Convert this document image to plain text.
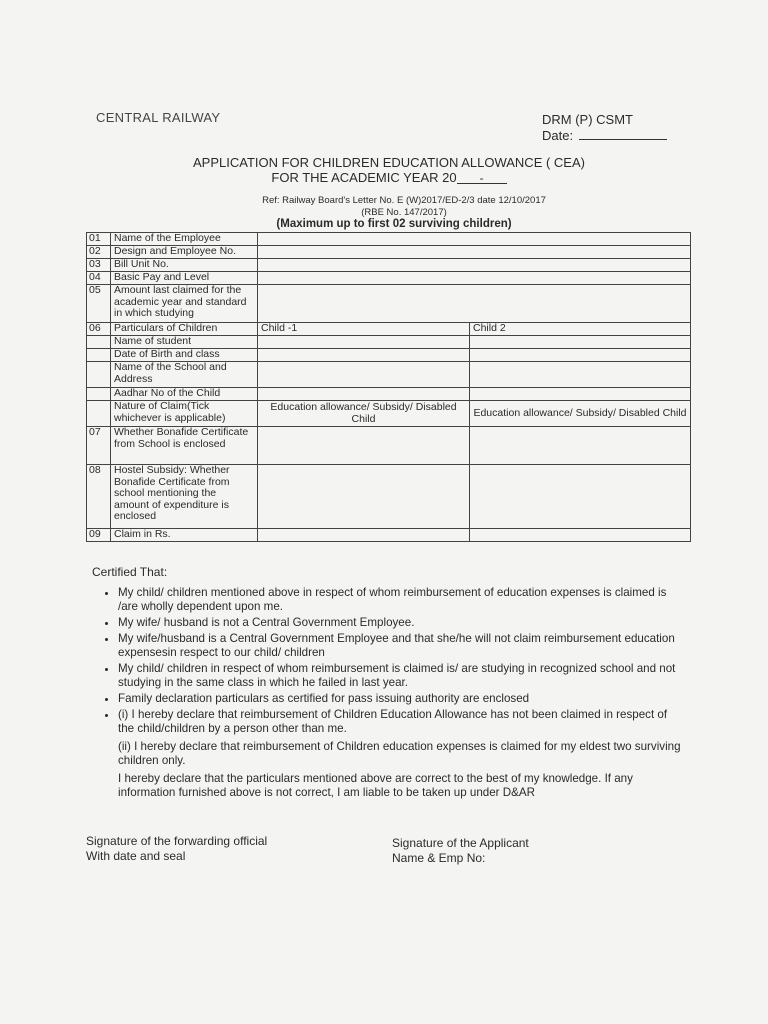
CENTRAL RAILWAY	DRM (P) CSMT
Date:
APPLICATION FOR CHILDREN EDUCATION ALLOWANCE ( CEA)
FOR THE ACADEMIC YEAR 20 -
Ref: Railway Board's Letter No. E (W)2017/ED-2/3 date 12/10/2017
(RBE No. 147/2017)
(Maximum up to first 02 surviving children)
01	Name of the Employee		
02	Design and Employee No.		
03	Bill Unit No.		
04	Basic Pay and Level		
05	Amount last claimed for the academic year and standard in which studying		
06	Particulars of Children	Child -1	Child 2
	Name of student		
	Date of Birth and class		
	Name of the School and Address		
	Aadhar No of the Child		
	Nature of Claim(Tick whichever is applicable)	Education allowance/ Subsidy/ Disabled Child	Education allowance/ Subsidy/ Disabled Child
07	Whether Bonafide Certificate from School is enclosed		
08	Hostel Subsidy: Whether Bonafide Certificate from school mentioning the amount of expenditure is enclosed		
09	Claim in Rs.		
Certified That:
• My child/ children mentioned above in respect of whom reimbursement of education expenses is claimed is /are wholly dependent upon me.
• My wife/ husband is not a Central Government Employee.
• My wife/husband is a Central Government Employee and that she/he will not claim reimbursement education expensesin respect to our child/ children
• My child/ children in respect of whom reimbursement is claimed is/ are studying in recognized school and not studying in the same class in which he failed in last year.
• Family declaration particulars as certified for pass issuing authority are enclosed
• (i) I hereby declare that reimbursement of Children Education Allowance has not been claimed in respect of the child/children by a person other than me.
(ii) I hereby declare that reimbursement of Children education expenses is claimed for my eldest two surviving children only.
I hereby declare that the particulars mentioned above are correct to the best of my knowledge. If any information furnished above is not correct, I am liable to be taken up under D&AR
Signature of the forwarding official
With date and seal
Signature of the Applicant
Name & Emp No:
